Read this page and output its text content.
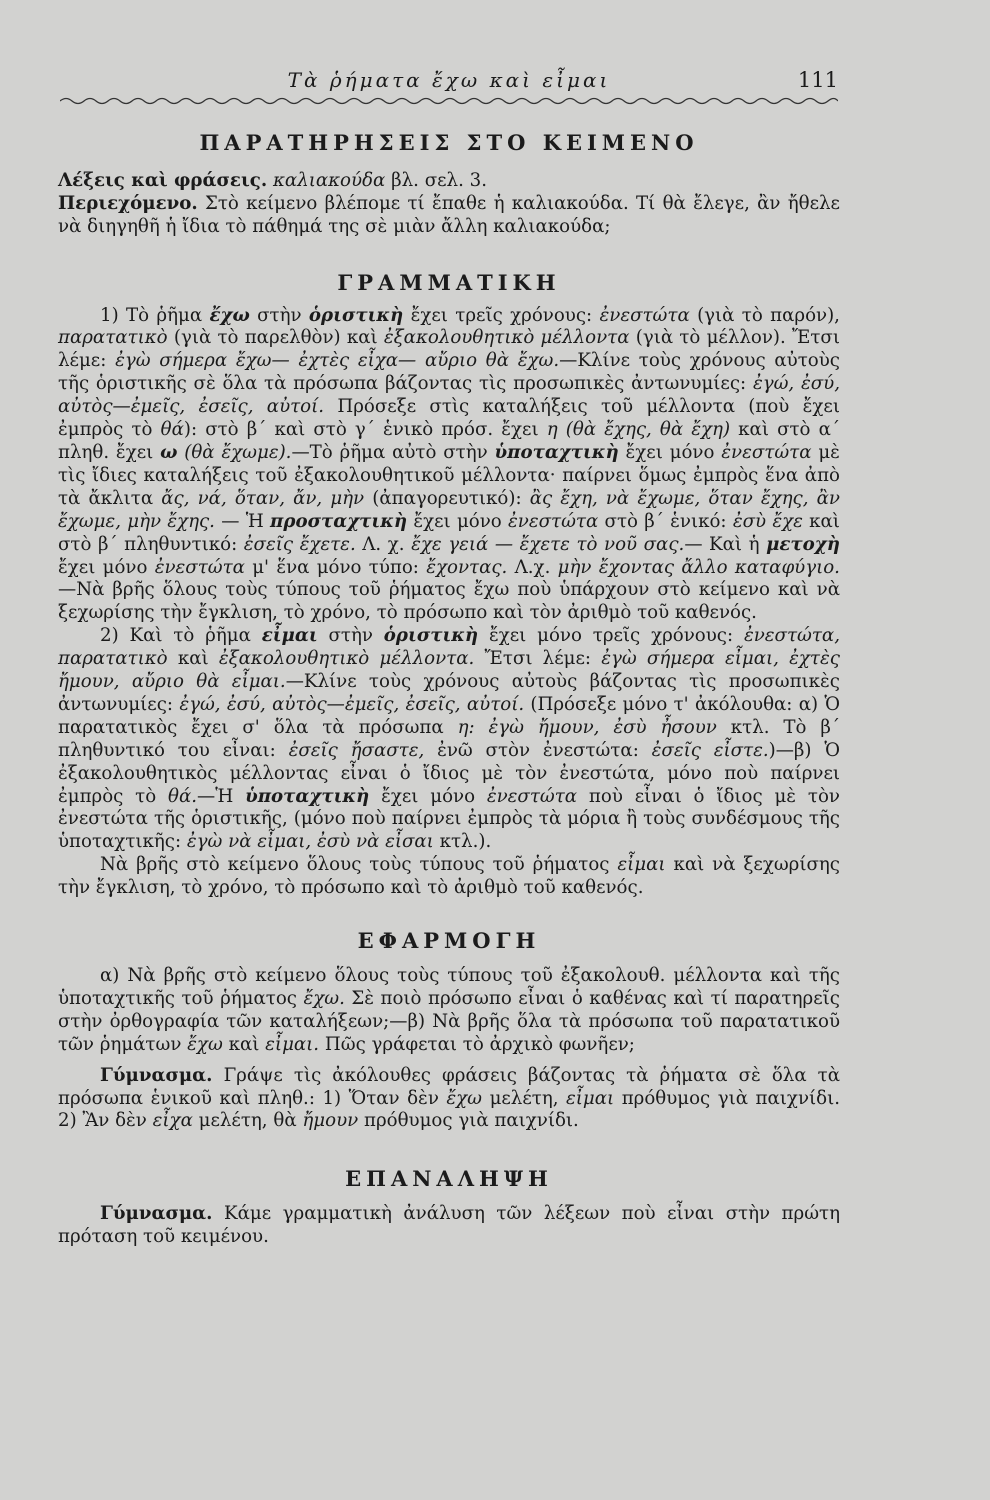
Τὰ ῥήματα ἔχω καὶ εἶμαι	111
ΠΑΡΑΤΗΡΗΣΕΙΣ ΣΤΟ ΚΕΙΜΕΝΟ

Λέξεις καὶ φράσεις. καλιακούδα βλ. σελ. 3.

Περιεχόμενο. Στὸ κείμενο βλέπομε τί ἔπαθε ἡ καλιακούδα. Τί θὰ ἔλεγε, ἂν ἤθελε νὰ διηγηθῆ ἡ ἴδια τὸ πάθημά της σὲ μιὰν ἄλλη καλιακούδα;

ΓΡΑΜΜΑΤΙΚΗ

1) Τὸ ῥῆμα ἔχω στὴν ὁριστικὴ ἔχει τρεῖς χρόνους: ἐνεστώτα (γιὰ τὸ παρόν), παρατατικὸ (γιὰ τὸ παρελθὸν) καὶ ἐξακολουθητικὸ μέλλοντα (γιὰ τὸ μέλλον). Ἔτσι λέμε: ἐγὼ σήμερα ἔχω— ἐχτὲς εἶχα— αὔριο θὰ ἔχω.—Κλίνε τοὺς χρόνους αὐτοὺς τῆς ὁριστικῆς σὲ ὅλα τὰ πρόσωπα βάζοντας τὶς προσωπικὲς ἀντωνυμίες: ἐγώ, ἐσύ, αὐτὸς—ἐμεῖς, ἐσεῖς, αὐτοί. Πρόσεξε στὶς καταλήξεις τοῦ μέλλοντα (ποὺ ἔχει ἐμπρὸς τὸ θά): στὸ β΄ καὶ στὸ γ΄ ἑνικὸ πρόσ. ἔχει η (θὰ ἔχης, θὰ ἔχη) καὶ στὸ α΄ πληθ. ἔχει ω (θὰ ἔχωμε).—Τὸ ῥῆμα αὐτὸ στὴν ὑποταχτικὴ ἔχει μόνο ἐνεστώτα μὲ τὶς ἴδιες καταλήξεις τοῦ ἐξακολουθητικοῦ μέλλοντα· παίρνει ὅμως ἐμπρὸς ἕνα ἀπὸ τὰ ἄκλιτα ἄς, νά, ὅταν, ἄν, μὴν (ἀπαγορευτικό): ἂς ἔχη, νὰ ἔχωμε, ὅταν ἔχης, ἂν ἔχωμε, μὴν ἔχης. — Ἡ προσταχτικὴ ἔχει μόνο ἐνεστώτα στὸ β΄ ἑνικό: ἐσὺ ἔχε καὶ στὸ β΄ πληθυντικό: ἐσεῖς ἔχετε. Λ. χ. ἔχε γειά — ἔχετε τὸ νοῦ σας.— Καὶ ἡ μετοχὴ ἔχει μόνο ἐνεστώτα μ' ἕνα μόνο τύπο: ἔχοντας. Λ.χ. μὴν ἔχοντας ἄλλο καταφύγιο.—Νὰ βρῆς ὅλους τοὺς τύπους τοῦ ῥήματος ἔχω ποὺ ὑπάρχουν στὸ κείμενο καὶ νὰ ξεχωρίσης τὴν ἔγκλιση, τὸ χρόνο, τὸ πρόσωπο καὶ τὸν ἀριθμὸ τοῦ καθενός.

2) Καὶ τὸ ῥῆμα εἶμαι στὴν ὁριστικὴ ἔχει μόνο τρεῖς χρόνους: ἐνεστώτα, παρατατικὸ καὶ ἐξακολουθητικὸ μέλλοντα. Ἔτσι λέμε: ἐγὼ σήμερα εἶμαι, ἐχτὲς ἤμουν, αὔριο θὰ εἶμαι.—Κλίνε τοὺς χρόνους αὐτοὺς βάζοντας τὶς προσωπικὲς ἀντωνυμίες: ἐγώ, ἐσύ, αὐτὸς—ἐμεῖς, ἐσεῖς, αὐτοί. (Πρόσεξε μόνο τ' ἀκόλουθα: α) Ὁ παρατατικὸς ἔχει σ' ὅλα τὰ πρόσωπα η: ἐγὼ ἤμουν, ἐσὺ ἦσουν κτλ. Τὸ β΄ πληθυντικό του εἶναι: ἐσεῖς ἤσαστε, ἐνῶ στὸν ἐνεστώτα: ἐσεῖς εἶστε.)—β) Ὁ ἐξακολουθητικὸς μέλλοντας εἶναι ὁ ἴδιος μὲ τὸν ἐνεστώτα, μόνο ποὺ παίρνει ἐμπρὸς τὸ θά.—Ἡ ὑποταχτικὴ ἔχει μόνο ἐνεστώτα ποὺ εἶναι ὁ ἴδιος μὲ τὸν ἐνεστώτα τῆς ὁριστικῆς, (μόνο ποὺ παίρνει ἐμπρὸς τὰ μόρια ἢ τοὺς συνδέσμους τῆς ὑποταχτικῆς: ἐγὼ νὰ εἶμαι, ἐσὺ νὰ εἶσαι κτλ.).

Νὰ βρῆς στὸ κείμενο ὅλους τοὺς τύπους τοῦ ῥήματος εἶμαι καὶ νὰ ξεχωρίσης τὴν ἔγκλιση, τὸ χρόνο, τὸ πρόσωπο καὶ τὸ ἀριθμὸ τοῦ καθενός.

ΕΦΑΡΜΟΓΗ

α) Νὰ βρῆς στὸ κείμενο ὅλους τοὺς τύπους τοῦ ἐξακολουθ. μέλλοντα καὶ τῆς ὑποταχτικῆς τοῦ ῥήματος ἔχω. Σὲ ποιὸ πρόσωπο εἶναι ὁ καθένας καὶ τί παρατηρεῖς στὴν ὀρθογραφία τῶν καταλήξεων;—β) Νὰ βρῆς ὅλα τὰ πρόσωπα τοῦ παρατατικοῦ τῶν ῥημάτων ἔχω καὶ εἶμαι. Πῶς γράφεται τὸ ἀρχικὸ φωνῆεν;

Γύμνασμα. Γράψε τὶς ἀκόλουθες φράσεις βάζοντας τὰ ῥήματα σὲ ὅλα τὰ πρόσωπα ἑνικοῦ καὶ πληθ.: 1) Ὅταν δὲν ἔχω μελέτη, εἶμαι πρόθυμος γιὰ παιχνίδι. 2) Ἂν δὲν εἶχα μελέτη, θὰ ἤμουν πρόθυμος γιὰ παιχνίδι.

ΕΠΑΝΑΛΗΨΗ

Γύμνασμα. Κάμε γραμματικὴ ἀνάλυση τῶν λέξεων ποὺ εἶναι στὴν πρώτη πρόταση τοῦ κειμένου.
